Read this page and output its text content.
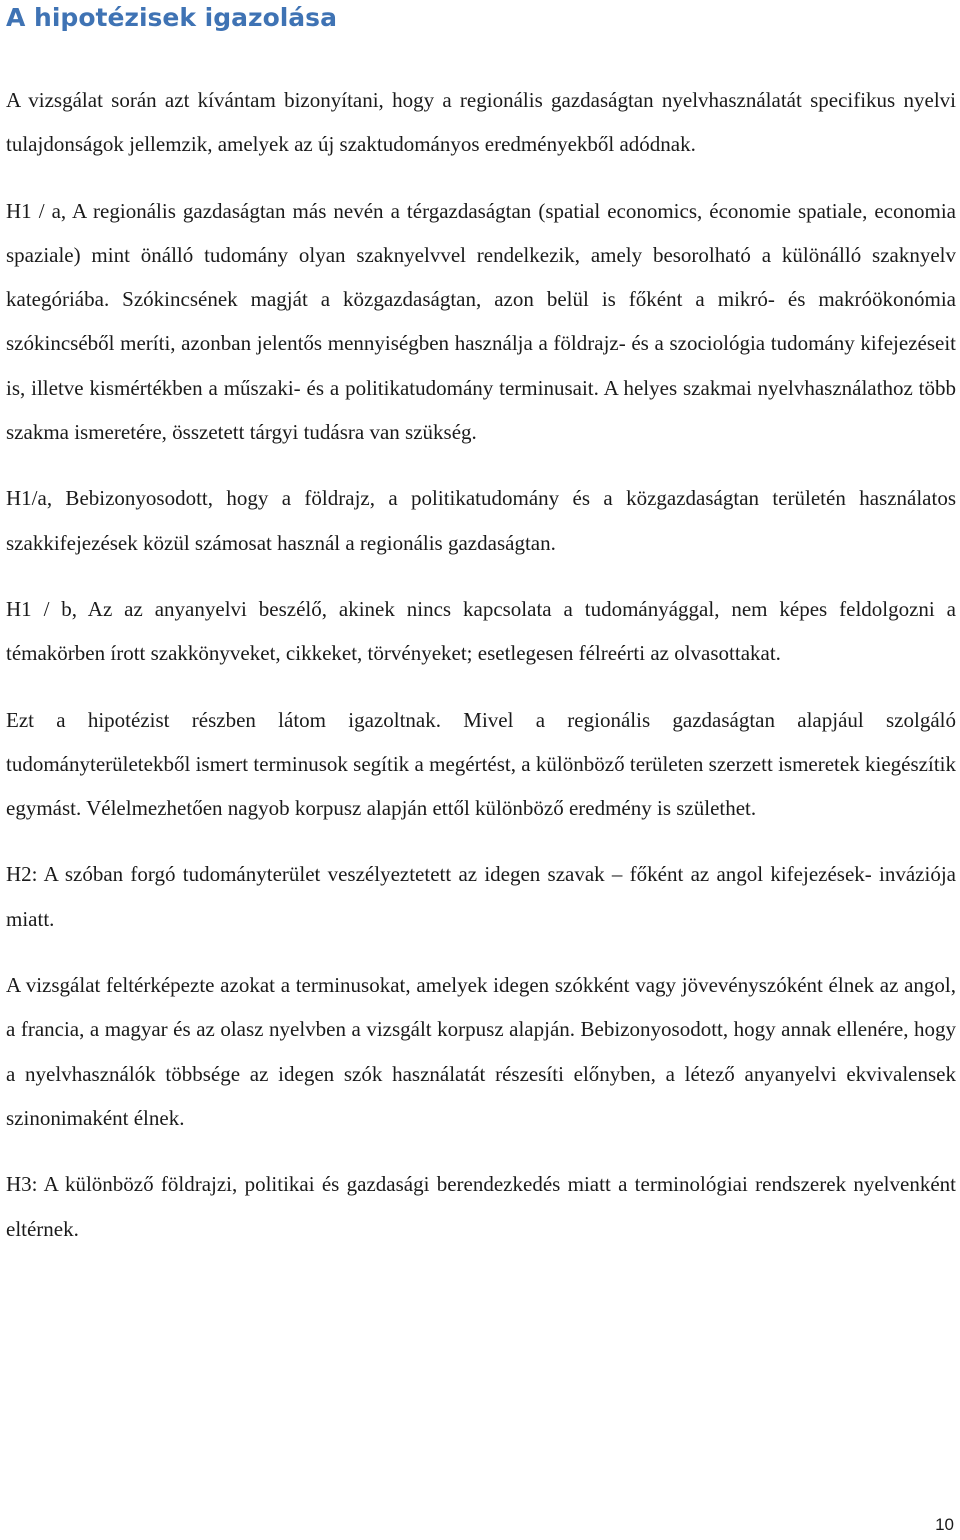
A hipotézisek igazolása

A vizsgálat során azt kívántam bizonyítani, hogy a regionális gazdaságtan nyelvhasználatát specifikus nyelvi tulajdonságok jellemzik, amelyek az új szaktudományos eredményekből adódnak.

H1 / a, A regionális gazdaságtan más nevén a térgazdaságtan (spatial economics, économie spatiale, economia spaziale) mint önálló tudomány olyan szaknyelvvel rendelkezik, amely besorolható a különálló szaknyelv kategóriába. Szókincsének magját a közgazdaságtan, azon belül is főként a mikró- és makróökonómia szókincséből meríti, azonban jelentős mennyiségben használja a földrajz- és a szociológia tudomány kifejezéseit is, illetve kismértékben a műszaki- és a politikatudomány terminusait. A helyes szakmai nyelvhasználathoz több szakma ismeretére, összetett tárgyi tudásra van szükség.

H1/a, Bebizonyosodott, hogy a földrajz, a politikatudomány és a közgazdaságtan területén használatos szakkifejezések közül számosat használ a regionális gazdaságtan.

H1 / b, Az az anyanyelvi beszélő, akinek nincs kapcsolata a tudományággal, nem képes feldolgozni a témakörben írott szakkönyveket, cikkeket, törvényeket; esetlegesen félreérti az olvasottakat.

Ezt a hipotézist részben látom igazoltnak. Mivel a regionális gazdaságtan alapjául szolgáló tudományterületekből ismert terminusok segítik a megértést, a különböző területen szerzett ismeretek kiegészítik egymást. Vélelmezhetően nagyob korpusz alapján ettől különböző eredmény is születhet.

H2: A szóban forgó tudományterület veszélyeztetett az idegen szavak – főként az angol kifejezések- inváziója miatt.

A vizsgálat feltérképezte azokat a terminusokat, amelyek idegen szókként vagy jövevényszóként élnek az angol, a francia, a magyar és az olasz nyelvben a vizsgált korpusz alapján. Bebizonyosodott, hogy annak ellenére, hogy a nyelvhasználók többsége az idegen szók használatát részesíti előnyben, a létező anyanyelvi ekvivalensek szinonimaként élnek.

H3: A különböző földrajzi, politikai és gazdasági berendezkedés miatt a terminológiai rendszerek nyelvenként eltérnek.

10
